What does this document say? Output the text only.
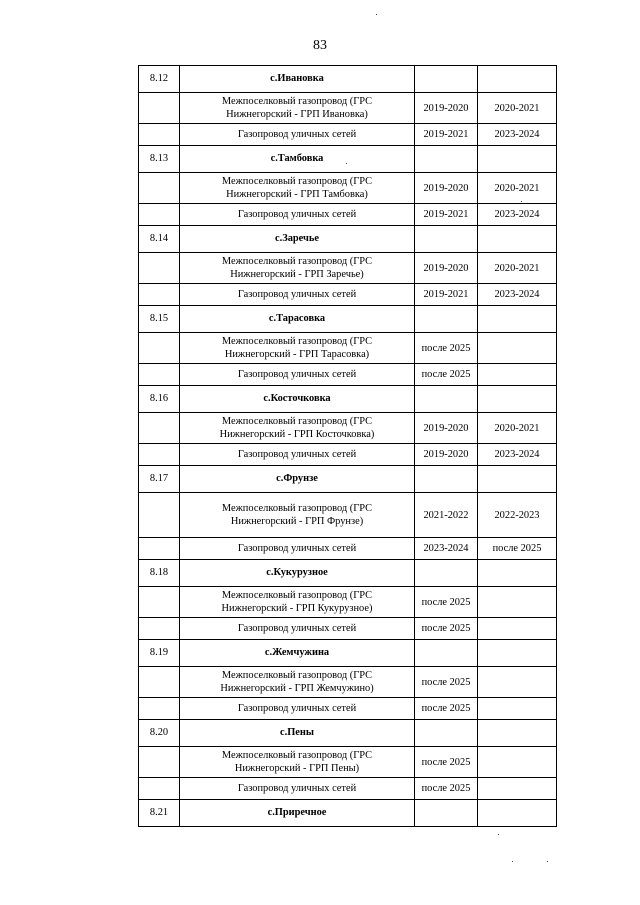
83
8.12	с.Ивановка		

	Межпоселковый газопровод (ГРС
Нижнегорский - ГРП Ивановка)	2019-2020	2020-2021

	Газопровод уличных сетей	2019-2021	2023-2024
8.13	с.Тамбовка		

	Межпоселковый газопровод (ГРС
Нижнегорский - ГРП Тамбовка)	2019-2020	2020-2021

	Газопровод уличных сетей	2019-2021	2023-2024
8.14	с.Заречье		

	Межпоселковый газопровод (ГРС
Нижнегорский - ГРП Заречье)	2019-2020	2020-2021

	Газопровод уличных сетей	2019-2021	2023-2024
8.15	с.Тарасовка		

	Межпоселковый газопровод (ГРС
Нижнегорский - ГРП Тарасовка)	после 2025	

	Газопровод уличных сетей	после 2025	
8.16	с.Косточковка		

	Межпоселковый газопровод (ГРС
Нижнегорский - ГРП Косточковка)	2019-2020	2020-2021

	Газопровод уличных сетей	2019-2020	2023-2024
8.17	с.Фрунзе		

	Межпоселковый газопровод (ГРС
Нижнегорский - ГРП Фрунзе)	2021-2022	2022-2023

	Газопровод уличных сетей	2023-2024	после 2025
8.18	с.Кукурузное		

	Межпоселковый газопровод (ГРС
Нижнегорский - ГРП Кукурузное)	после 2025	

	Газопровод уличных сетей	после 2025	
8.19	с.Жемчужина		

	Межпоселковый газопровод (ГРС
Нижнегорский - ГРП Жемчужино)	после 2025	

	Газопровод уличных сетей	после 2025	
8.20	с.Пены		

	Межпоселковый газопровод (ГРС
Нижнегорский - ГРП Пены)	после 2025	

	Газопровод уличных сетей	после 2025	
8.21	с.Приречное		
